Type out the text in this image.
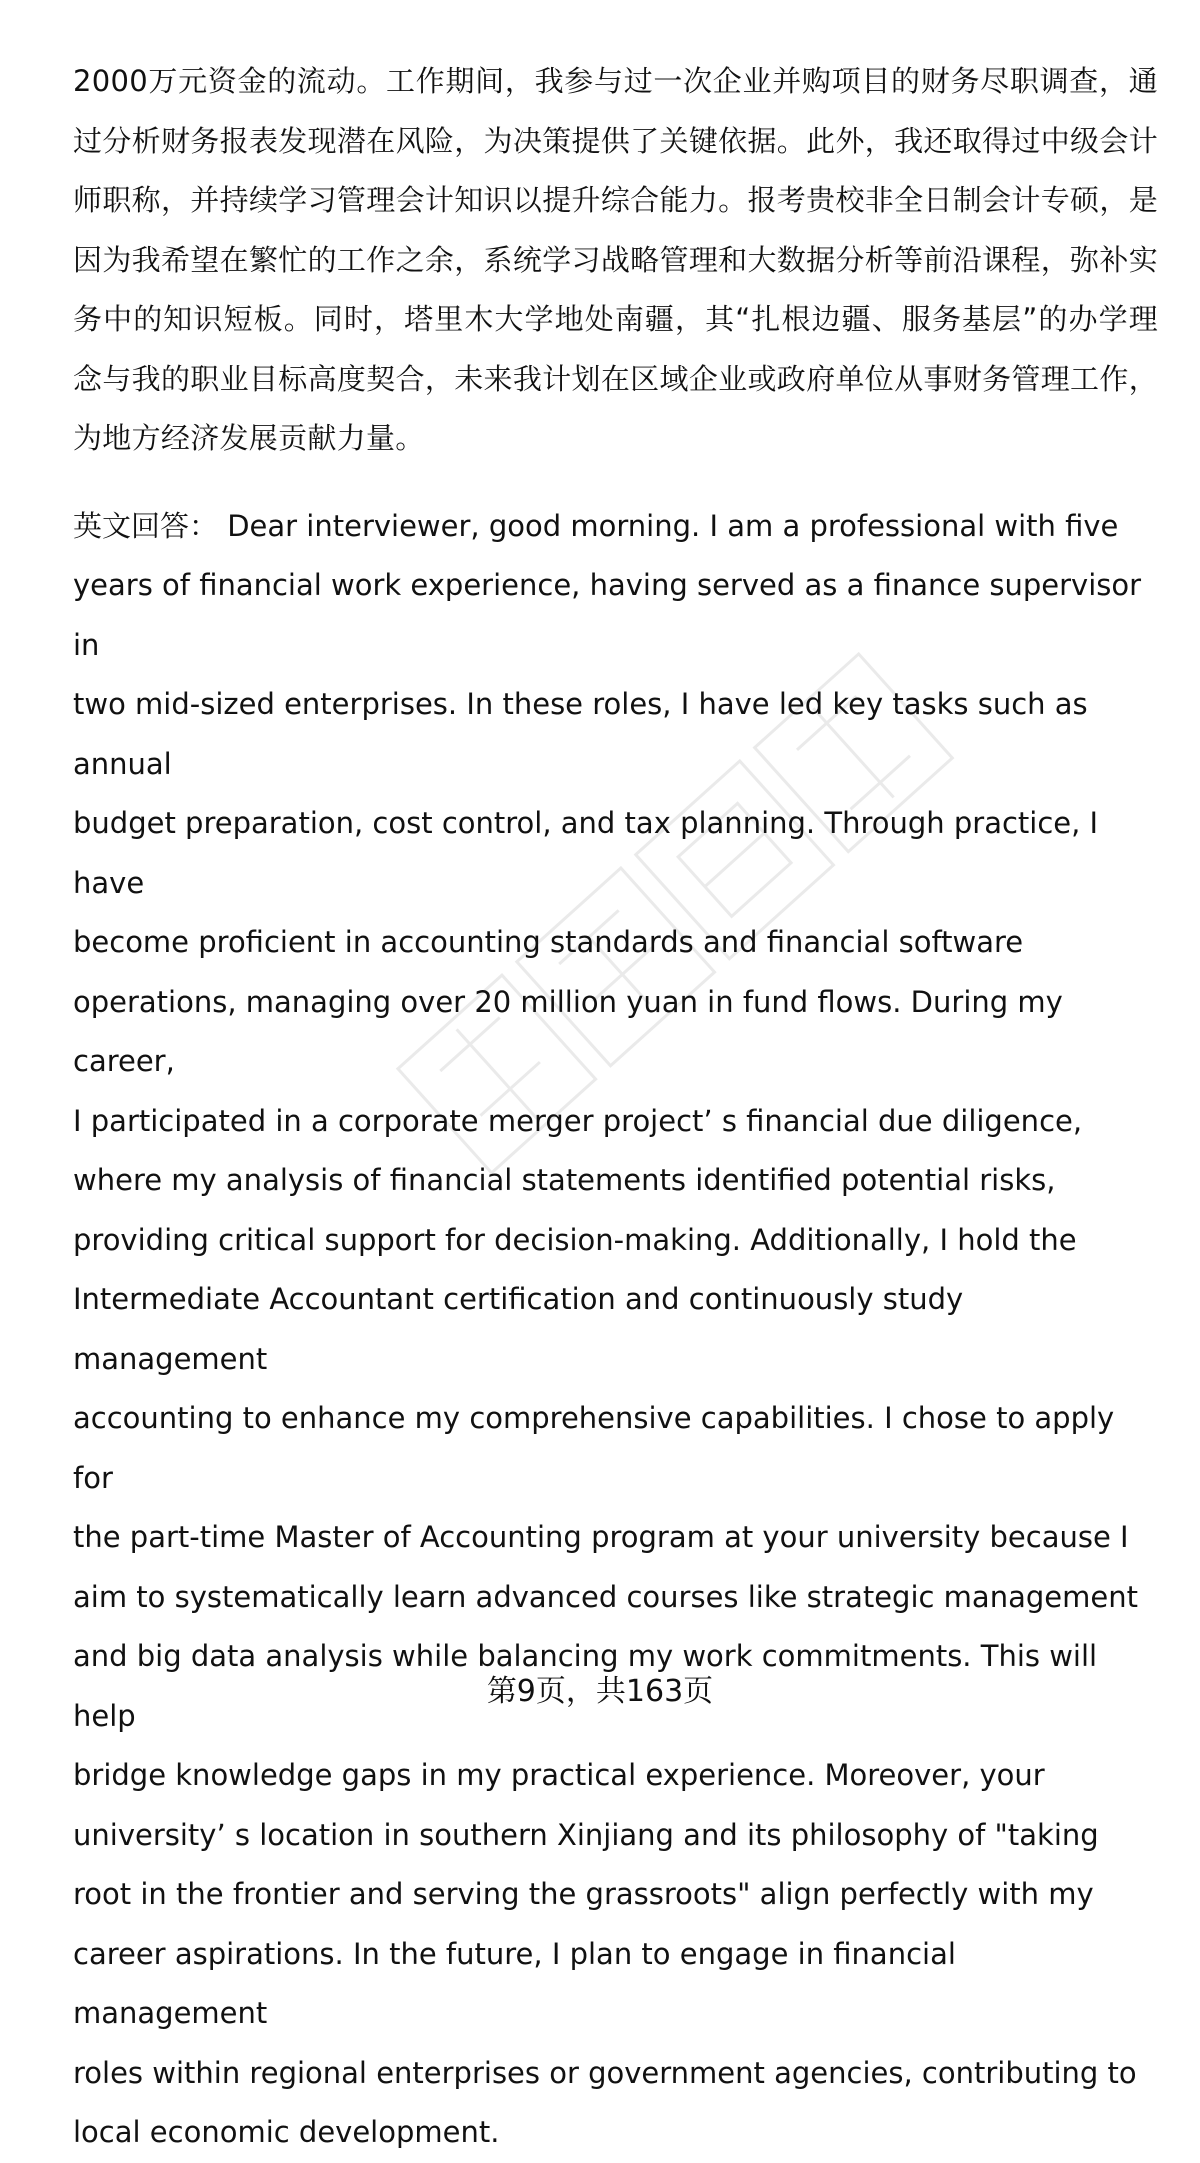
2000万元资金的流动。工作期间，我参与过一次企业并购项目的财务尽职调查，通过分析财务报表发现潜在风险，为决策提供了关键依据。此外，我还取得过中级会计师职称，并持续学习管理会计知识以提升综合能力。报考贵校非全日制会计专硕，是因为我希望在繁忙的工作之余，系统学习战略管理和大数据分析等前沿课程，弥补实务中的知识短板。同时，塔里木大学地处南疆，其“扎根边疆、服务基层”的办学理念与我的职业目标高度契合，未来我计划在区域企业或政府单位从事财务管理工作，为地方经济发展贡献力量。

英文回答： Dear interviewer, good morning. I am a professional with five
years of financial work experience, having served as a finance supervisor in
two mid-sized enterprises. In these roles, I have led key tasks such as annual
budget preparation, cost control, and tax planning. Through practice, I have
become proficient in accounting standards and financial software
operations, managing over 20 million yuan in fund flows. During my career,
I participated in a corporate merger project’ s financial due diligence,
where my analysis of financial statements identified potential risks,
providing critical support for decision-making. Additionally, I hold the
Intermediate Accountant certification and continuously study management
accounting to enhance my comprehensive capabilities. I chose to apply for
the part-time Master of Accounting program at your university because I
aim to systematically learn advanced courses like strategic management
and big data analysis while balancing my work commitments. This will help
bridge knowledge gaps in my practical experience. Moreover, your
university’ s location in southern Xinjiang and its philosophy of "taking
root in the frontier and serving the grassroots" align perfectly with my
career aspirations. In the future, I plan to engage in financial management
roles within regional enterprises or government agencies, contributing to
local economic development.
第9页，共163页
